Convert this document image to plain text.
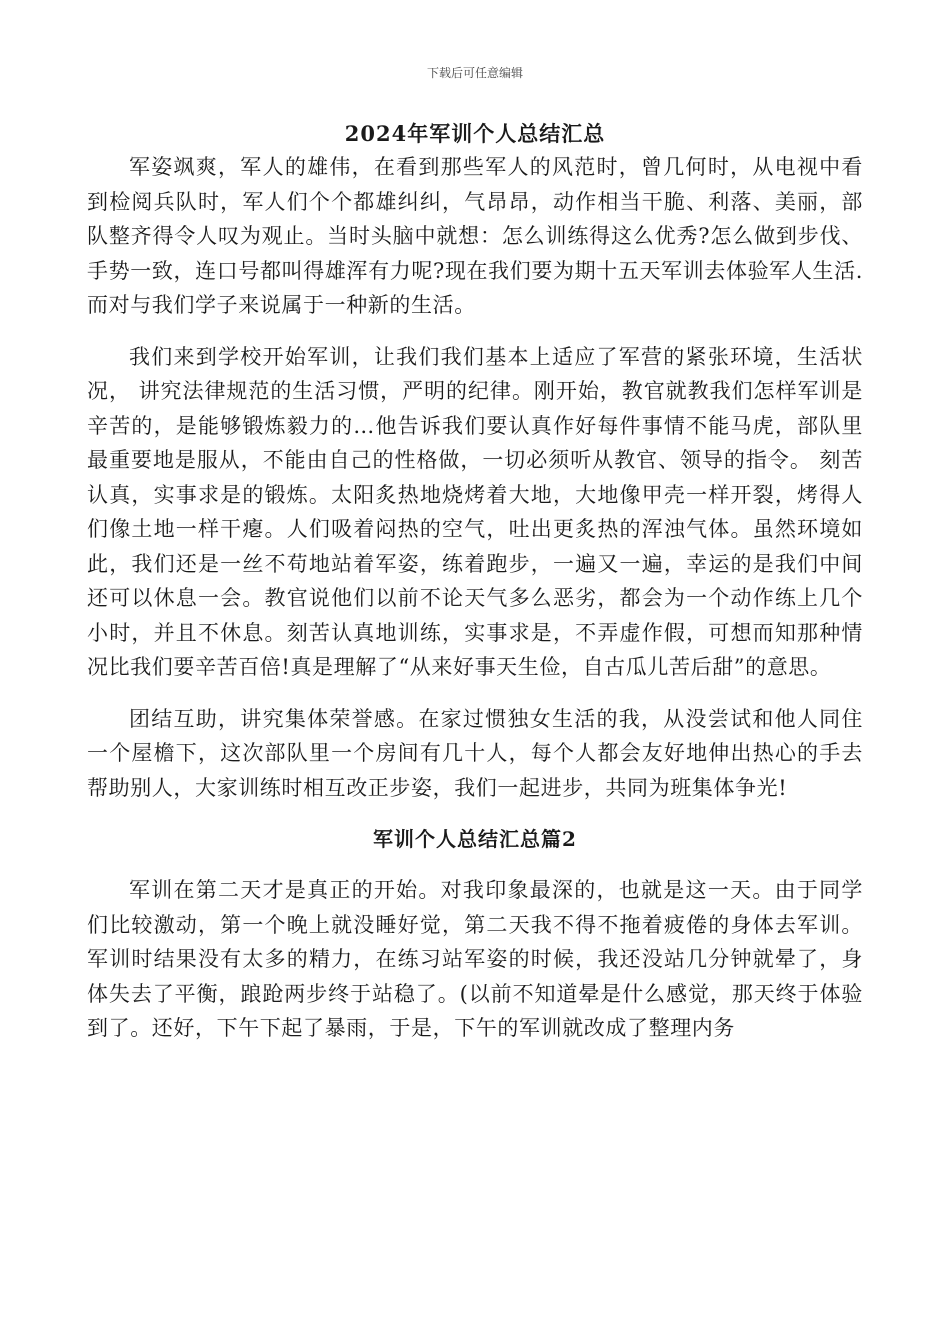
下载后可任意编辑
2024年军训个人总结汇总

军姿飒爽，军人的雄伟，在看到那些军人的风范时，曾几何时，从电视中看到检阅兵队时，军人们个个都雄纠纠，气昂昂，动作相当干脆、利落、美丽，部队整齐得令人叹为观止。当时头脑中就想：怎么训练得这么优秀?怎么做到步伐、手势一致，连口号都叫得雄浑有力呢?现在我们要为期十五天军训去体验军人生活.而对与我们学子来说属于一种新的生活。

我们来到学校开始军训，让我们我们基本上适应了军营的紧张环境，生活状况， 讲究法律规范的生活习惯，严明的纪律。刚开始，教官就教我们怎样军训是辛苦的，是能够锻炼毅力的…他告诉我们要认真作好每件事情不能马虎，部队里最重要地是服从，不能由自己的性格做，一切必须听从教官、领导的指令。 刻苦认真，实事求是的锻炼。太阳炙热地烧烤着大地，大地像甲壳一样开裂，烤得人们像土地一样干瘪。人们吸着闷热的空气，吐出更炙热的浑浊气体。虽然环境如此，我们还是一丝不苟地站着军姿，练着跑步，一遍又一遍，幸运的是我们中间还可以休息一会。教官说他们以前不论天气多么恶劣，都会为一个动作练上几个小时，并且不休息。刻苦认真地训练，实事求是，不弄虚作假，可想而知那种情况比我们要辛苦百倍!真是理解了“从来好事天生俭，自古瓜儿苦后甜”的意思。

团结互助，讲究集体荣誉感。在家过惯独女生活的我，从没尝试和他人同住一个屋檐下，这次部队里一个房间有几十人，每个人都会友好地伸出热心的手去帮助别人，大家训练时相互改正步姿，我们一起进步，共同为班集体争光!

军训个人总结汇总篇2

军训在第二天才是真正的开始。对我印象最深的，也就是这一天。由于同学们比较激动，第一个晚上就没睡好觉，第二天我不得不拖着疲倦的身体去军训。军训时结果没有太多的精力，在练习站军姿的时候，我还没站几分钟就晕了，身体失去了平衡，踉跄两步终于站稳了。(以前不知道晕是什么感觉，那天终于体验到了。还好，下午下起了暴雨，于是，下午的军训就改成了整理内务
